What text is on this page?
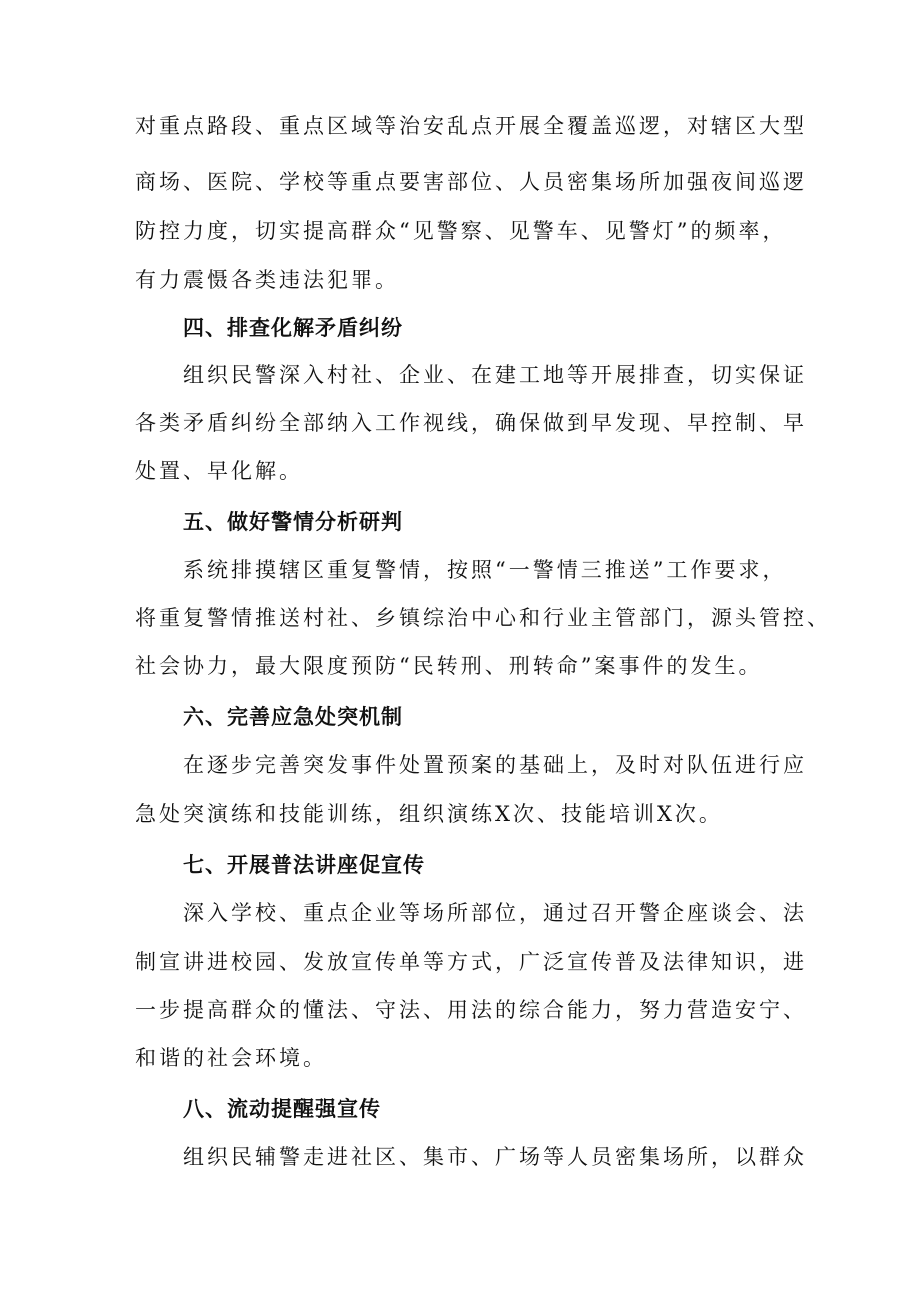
对重点路段、重点区域等治安乱点开展全覆盖巡逻，对辖区大型
商场、医院、学校等重点要害部位、人员密集场所加强夜间巡逻
防控力度，切实提高群众“见警察、见警车、见警灯”的频率，
有力震慑各类违法犯罪。
四、排查化解矛盾纠纷
组织民警深入村社、企业、在建工地等开展排查，切实保证
各类矛盾纠纷全部纳入工作视线，确保做到早发现、早控制、早
处置、早化解。
五、做好警情分析研判
系统排摸辖区重复警情，按照“一警情三推送”工作要求，
将重复警情推送村社、乡镇综治中心和行业主管部门，源头管控、
社会协力，最大限度预防“民转刑、刑转命”案事件的发生。
六、完善应急处突机制
在逐步完善突发事件处置预案的基础上，及时对队伍进行应
急处突演练和技能训练，组织演练X次、技能培训X次。
七、开展普法讲座促宣传
深入学校、重点企业等场所部位，通过召开警企座谈会、法
制宣讲进校园、发放宣传单等方式，广泛宣传普及法律知识，进
一步提高群众的懂法、守法、用法的综合能力，努力营造安宁、
和谐的社会环境。
八、流动提醒强宣传
组织民辅警走进社区、集市、广场等人员密集场所，以群众
